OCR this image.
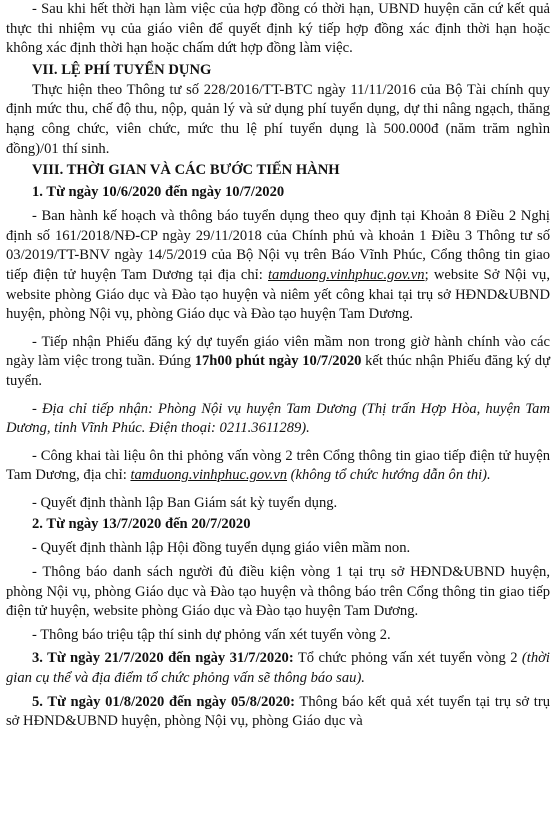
- Sau khi hết thời hạn làm việc của hợp đồng có thời hạn, UBND huyện căn cứ kết quả thực thi nhiệm vụ của giáo viên để quyết định ký tiếp hợp đồng xác định thời hạn hoặc không xác định thời hạn hoặc chấm dứt hợp đồng làm việc.

VII. LỆ PHÍ TUYỂN DỤNG

Thực hiện theo Thông tư số 228/2016/TT-BTC ngày 11/11/2016 của Bộ Tài chính quy định mức thu, chế độ thu, nộp, quản lý và sử dụng phí tuyển dụng, dự thi nâng ngạch, thăng hạng công chức, viên chức, mức thu lệ phí tuyển dụng là 500.000đ (năm trăm nghìn đồng)/01 thí sinh.

VIII. THỜI GIAN VÀ CÁC BƯỚC TIẾN HÀNH
1. Từ ngày 10/6/2020 đến ngày 10/7/2020

- Ban hành kế hoạch và thông báo tuyển dụng theo quy định tại Khoản 8 Điều 2 Nghị định số 161/2018/NĐ-CP ngày 29/11/2018 của Chính phủ và khoản 1 Điều 3 Thông tư số 03/2019/TT-BNV ngày 14/5/2019 của Bộ Nội vụ trên Báo Vĩnh Phúc, Cổng thông tin giao tiếp điện tử huyện Tam Dương tại địa chỉ: tamduong.vinhphuc.gov.vn; website Sở Nội vụ, website phòng Giáo dục và Đào tạo huyện và niêm yết công khai tại trụ sở HĐND&UBND huyện, phòng Nội vụ, phòng Giáo dục và Đào tạo huyện Tam Dương.

- Tiếp nhận Phiếu đăng ký dự tuyển giáo viên mầm non trong giờ hành chính vào các ngày làm việc trong tuần. Đúng 17h00 phút ngày 10/7/2020 kết thúc nhận Phiếu đăng ký dự tuyển.

- Địa chỉ tiếp nhận: Phòng Nội vụ huyện Tam Dương (Thị trấn Hợp Hòa, huyện Tam Dương, tỉnh Vĩnh Phúc. Điện thoại: 0211.3611289).

- Công khai tài liệu ôn thi phỏng vấn vòng 2 trên Cổng thông tin giao tiếp điện tử huyện Tam Dương, địa chỉ: tamduong.vinhphuc.gov.vn (không tổ chức hướng dẫn ôn thi).

- Quyết định thành lập Ban Giám sát kỳ tuyển dụng.

2. Từ ngày 13/7/2020 đến 20/7/2020

- Quyết định thành lập Hội đồng tuyển dụng giáo viên mầm non.

- Thông báo danh sách người đủ điều kiện vòng 1 tại trụ sở HĐND&UBND huyện, phòng Nội vụ, phòng Giáo dục và Đào tạo huyện và thông báo trên Cổng thông tin giao tiếp điện tử huyện, website phòng Giáo dục và Đào tạo huyện Tam Dương.

- Thông báo triệu tập thí sinh dự phỏng vấn xét tuyển vòng 2.

3. Từ ngày 21/7/2020 đến ngày 31/7/2020: Tổ chức phỏng vấn xét tuyển vòng 2 (thời gian cụ thể và địa điểm tổ chức phỏng vấn sẽ thông báo sau).

5. Từ ngày 01/8/2020 đến ngày 05/8/2020: Thông báo kết quả xét tuyển tại trụ sở trụ sở HĐND&UBND huyện, phòng Nội vụ, phòng Giáo dục và
